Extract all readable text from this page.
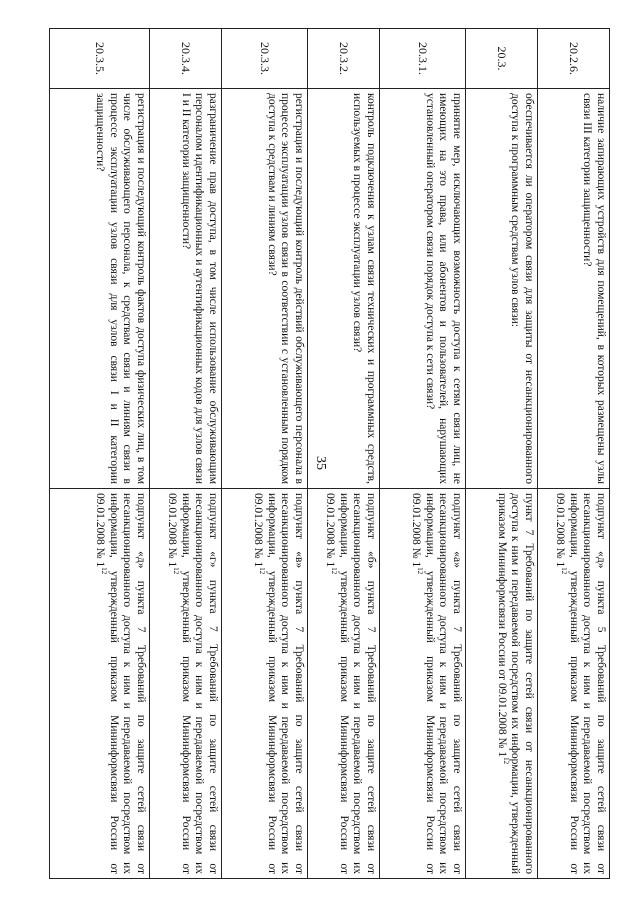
35
20.2.6.	наличие запирающих устройств для помещений, в которых размещены узлы связи III категории защищенности?	подпункт «д» пункта 5 Требований по защите сетей связи от несанкционированного доступа к ним и передаваемой посредством их информации, утвержденный приказом Мининформсвязи России от 09.01.2008 № $1^{12}$
20.3.	обеспечивается ли оператором связи для защиты от несанкционированного доступа к программным средствам узлов связи:	пункт 7 Требований по защите сетей связи от несанкционированного доступа к ним и передаваемой посредством их информации, утвержденный приказом Мининформсвязи России от 09.01.2008 № $1^{12}$
20.3.1.	принятие мер, исключающих возможность доступа к сетям связи лиц, не имеющих на это права, или абонентов и пользователей, нарушающих установленный оператором связи порядок доступа к сети связи?	подпункт «а» пункта 7 Требований по защите сетей связи от несанкционированного доступа к ним и передаваемой посредством их информации, утвержденный приказом Мининформсвязи России от 09.01.2008 № $1^{12}$
20.3.2.	контроль подключения к узлам связи технических и программных средств, используемых в процессе эксплуатации узлов связи?	подпункт «б» пункта 7 Требований по защите сетей связи от несанкционированного доступа к ним и передаваемой посредством их информации, утвержденный приказом Мининформсвязи России от 09.01.2008 № $1^{12}$
20.3.3.	регистрация и последующий контроль действий обслуживающего персонала в процессе эксплуатации узлов связи в соответствии с установленным порядком доступа к средствам и линиям связи?	подпункт «в» пункта 7 Требований по защите сетей связи от несанкционированного доступа к ним и передаваемой посредством их информации, утвержденный приказом Мининформсвязи России от 09.01.2008 № $1^{12}$
20.3.4.	разграничение прав доступа, в том числе использование обслуживающим персоналом идентификационных и аутентификационных кодов для узлов связи I и II категории защищенности?	подпункт «г» пункта 7 Требований по защите сетей связи от несанкционированного доступа к ним и передаваемой посредством их информации, утвержденный приказом Мининформсвязи России от 09.01.2008 № $1^{12}$
20.3.5.	регистрация и последующий контроль фактов доступа физических лиц, в том числе обслуживающего персонала, к средствам связи и линиям связи в процессе эксплуатации узлов связи для узлов связи I и II категории защищенности?	подпункт «д» пункта 7 Требований по защите сетей связи от несанкционированного доступа к ним и передаваемой посредством их информации, утвержденный приказом Мининформсвязи России от 09.01.2008 № $1^{12}$
